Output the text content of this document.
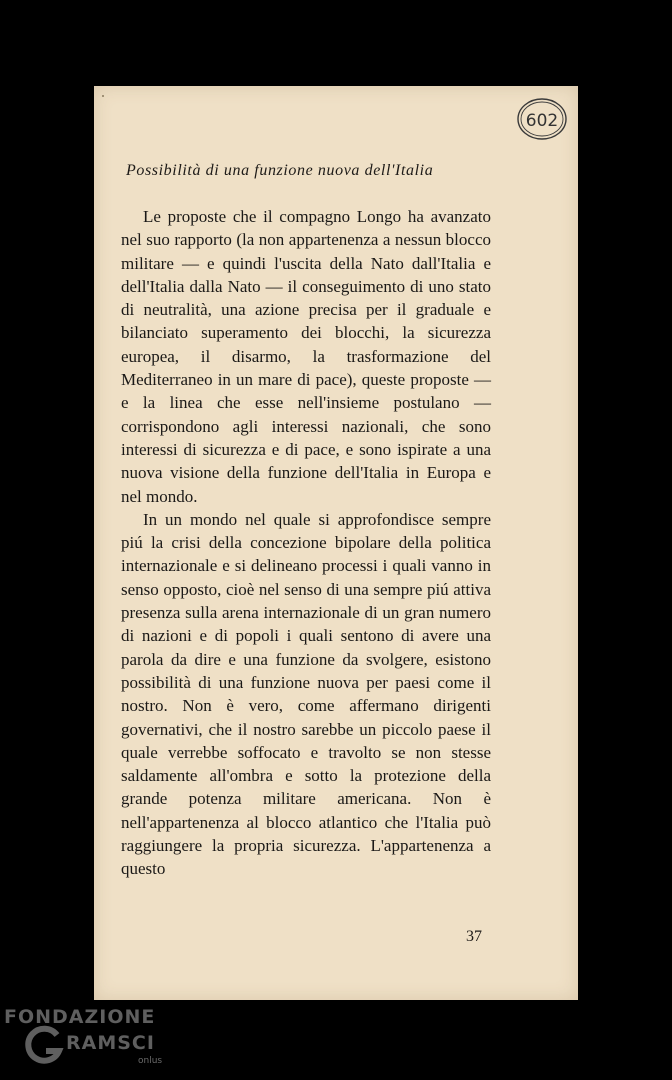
602
Possibilità di una funzione nuova dell'Italia

Le proposte che il compagno Longo ha avanzato nel suo rapporto (la non appartenenza a nessun blocco militare — e quindi l'uscita della Nato dall'Italia e dell'Italia dalla Nato — il conseguimento di uno stato di neutralità, una azione precisa per il graduale e bilanciato superamento dei blocchi, la sicurezza europea, il disarmo, la trasformazione del Mediterraneo in un mare di pace), queste proposte — e la linea che esse nell'insieme postulano — corrispondono agli interessi nazionali, che sono interessi di sicurezza e di pace, e sono ispirate a una nuova visione della funzione dell'Italia in Europa e nel mondo.

In un mondo nel quale si approfondisce sempre piú la crisi della concezione bipolare della politica internazionale e si delineano processi i quali vanno in senso opposto, cioè nel senso di una sempre piú attiva presenza sulla arena internazionale di un gran numero di nazioni e di popoli i quali sentono di avere una parola da dire e una funzione da svolgere, esistono possibilità di una funzione nuova per paesi come il nostro. Non è vero, come affermano dirigenti governativi, che il nostro sarebbe un piccolo paese il quale verrebbe soffocato e travolto se non stesse saldamente all'ombra e sotto la protezione della grande potenza militare americana. Non è nell'appartenenza al blocco atlantico che l'Italia può raggiungere la propria sicurezza. L'appartenenza a questo

37
FONDAZIONE
RAMSCI
onlus
